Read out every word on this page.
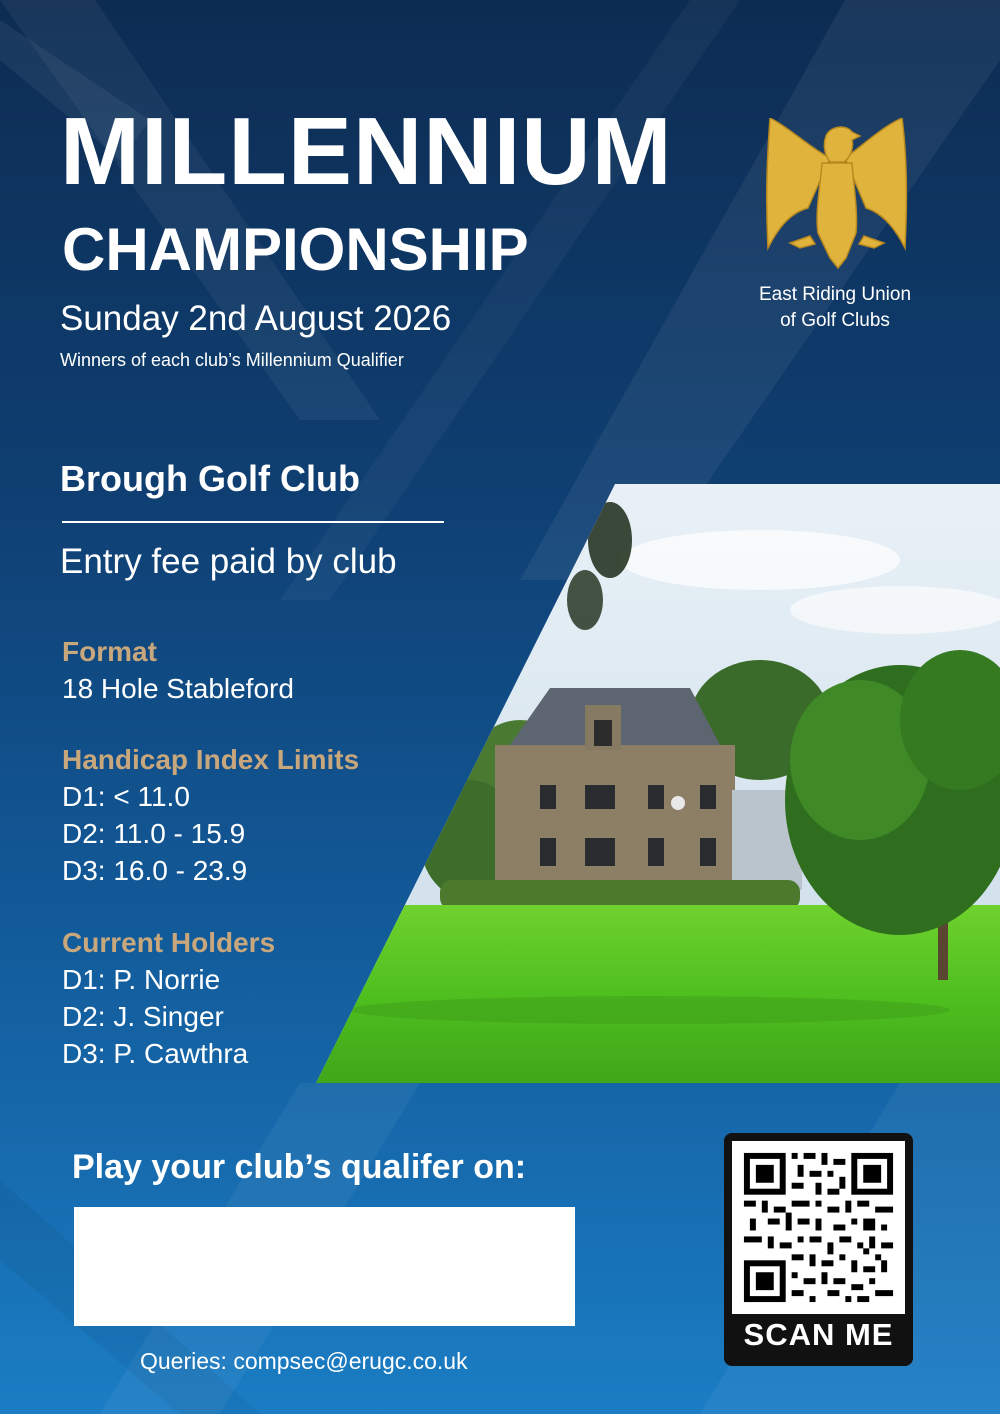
MILLENNIUM
CHAMPIONSHIP
Sunday 2nd August 2026
Winners of each club’s Millennium Qualifier
East Riding Union
of Golf Clubs
Brough Golf Club
Entry fee paid by club
Format
18 Hole Stableford
Handicap Index Limits
D1: < 11.0
D2: 11.0 - 15.9
D3: 16.0 - 23.9
Current Holders
D1: P. Norrie
D2: J. Singer
D3: P. Cawthra
Play your club’s qualifer on:
Queries: compsec@erugc.co.uk
SCAN ME
